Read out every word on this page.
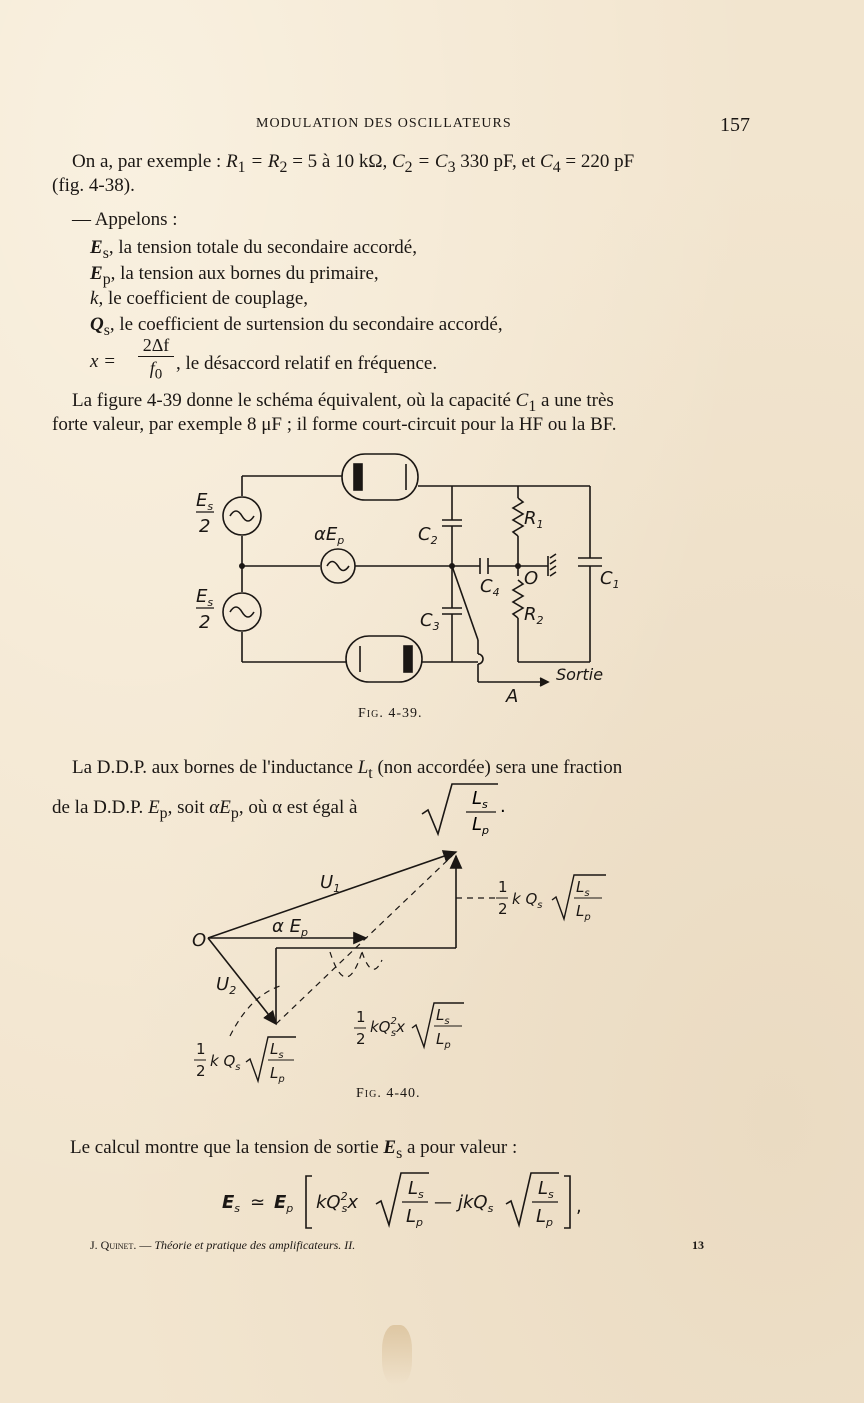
MODULATION DES OSCILLATEURS	157
On a, par exemple : $R_1 = R_2 = 5$ à 10 kΩ, $C_2 = C_3$ 330 pF, et $C_4 = 220$ pF
(fig. 4-38).
— Appelons :
$E_s$, la tension totale du secondaire accordé,
$E_p$, la tension aux bornes du primaire,
k, le coefficient de couplage,
$Q_s$, le coefficient de surtension du secondaire accordé,
x =
2Δf
$f_0$
, le désaccord relatif en fréquence.
La figure 4-39 donne le schéma équivalent, où la capacité $C_1$ a une très
forte valeur, par exemple 8 μF ; il forme court-circuit pour la HF ou la BF.
$E_s$
2
$E_s$
2
$\alpha E_p$	$C_2$
$C_3$
$C_4$
$C_1$
$R_1$
$R_2$
O
A
Sortie
Fig. 4-39.
La D.D.P. aux bornes de l'inductance $L_t$ (non accordée) sera une fraction
de la D.D.P. $E_p$, soit $\alpha E_p$, où α est égal à	$L_s$
$L_p$
.
O
$U_1$
$U_2$
α $E_p$
1
2
k $Q_s$
$L_s$
$L_p$
1
2
$kQ^2$ sx
$L_s$
$L_p$
1
2
k $Q_s$
$L_s$
$L_p$
Fig. 4-40.
Le calcul montre que la tension de sortie $E_s$ a pour valeur :
$E_s$ ≃ $E_p$ $kQ^2$ sx
$L_s$
$L_p$
— jkQ$_s$
$L_s$
$L_p$
,
J. Quinet. — Théorie et pratique des amplificateurs. II.	13
